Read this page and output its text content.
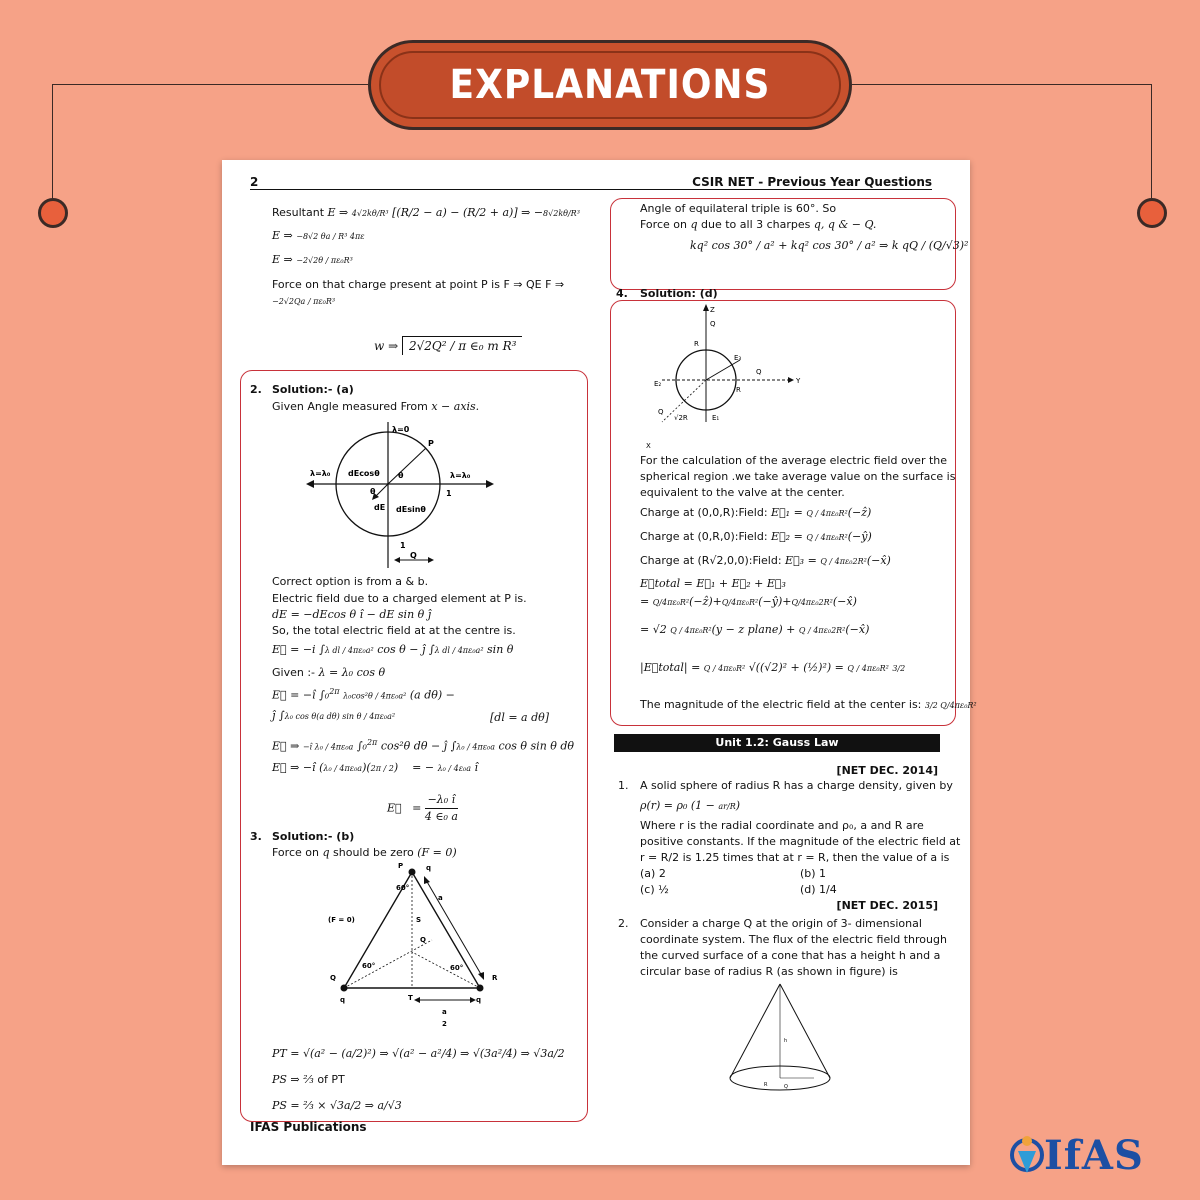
EXPLANATIONS
2	CSIR NET - Previous Year Questions
Resultant E ⇒ 4√2kθ/R³ [(R/2 − a) − (R/2 + a)] ⇒ −8√2kθ/R³
E ⇒ −8√2 θa / R³ 4πε
E ⇒ −2√2θ / πε₀R³
Force on that charge present at point P is F ⇒ QE F ⇒
−2√2Qa / πε₀R³
w ⇒ 2√2Q² / π ∈₀ m R³
2. Solution:- (a)
Given Angle measured From x − axis.
λ=0
P
λ=λ₀ dEcosθ θ	λ=λ₀
θ	1
dE dEsinθ
1
Q
Correct option is from a & b.
Electric field due to a charged element at P is.
dE = −dEcos θ î − dE sin θ ĵ
So, the total electric field at at the centre is.
E⃗ = −i ∫λ dl / 4πε₀a² cos θ − ĵ ∫λ dl / 4πε₀a² sin θ
Given :- λ = λ₀ cos θ
E⃗ = −î ∫₀$^{2\pi}$ λ₀cos²θ / 4πε₀a² (a dθ) −
ĵ ∫λ₀ cos θ(a dθ) sin θ / 4πε₀a²	[dl = a dθ]
E⃗ ⇒ −î λ₀ / 4πε₀a ∫₀$^{2\pi}$ cos²θ dθ − ĵ ∫λ₀ / 4πε₀a cos θ sin θ dθ
E⃗ ⇒ −î (λ₀ / 4πε₀a)(2π / 2)    = − λ₀ / 4ε₀a î
E⃗   = $\frac{\text{−λ₀ î}}{\text{4 ∈₀ a}}$
3. Solution:- (b)
Force on q should be zero (F = 0)
P	q
a
60°
S
(F = 0)
Q
60°	60°
Q	R
T
q	q
a
2
PT = √(a² − (a/2)²) ⇒ √(a² − a²/4) ⇒ √(3a²/4) ⇒ √3a/2
PS ⇒ ⅔ of PT
PS = ⅔ × √3a/2 ⇒ a/√3
IFAS Publications
Angle of equilateral triple is 60°. So
Force on q due to all 3 charpes q, q & − Q.
kq² cos 30° / a² + kq² cos 30° / a² ⇒ k qQ / (Q/√3)²
4. Solution: (d)
Z
Q
R
E₃
Q
Y
E₂
R
Q
√2R	E₁
X
For the calculation of the average electric field over the
spherical region .we take average value on the surface is
equivalent to the valve at the center.
Charge at (0,0,R):Field: E⃗₁ = Q / 4πε₀R²(−ẑ)
Charge at (0,R,0):Field: E⃗₂ = Q / 4πε₀R²(−ŷ)
Charge at (R√2,0,0):Field: E⃗₃ = Q / 4πε₀2R²(−x̂)
E⃗total = E⃗₁ + E⃗₂ + E⃗₃
= Q/4πε₀R²(−ẑ)+Q/4πε₀R²(−ŷ)+Q/4πε₀2R²(−x̂)
= √2 Q / 4πε₀R²(y − z plane) + Q / 4πε₀2R²(−x̂)
|E⃗total| = Q / 4πε₀R² √((√2)² + (½)²) = Q / 4πε₀R² 3/2
The magnitude of the electric field at the center is: 3/2 Q/4πε₀R²
Unit 1.2: Gauss Law
[NET DEC. 2014]
1. A solid sphere of radius R has a charge density, given by
ρ(r) = ρ₀ (1 − ar/R)
Where r is the radial coordinate and ρ₀, a and R are
positive constants. If the magnitude of the electric field at
r = R/2 is 1.25 times that at r = R, then the value of a is
(a) 2	(b) 1
(c) ½	(d) 1/4
[NET DEC. 2015]
2. Consider a charge Q at the origin of 3- dimensional
coordinate system. The flux of the electric field through
the curved surface of a cone that has a height h and a
circular base of radius R (as shown in figure) is
h
R	Q
IfAS
